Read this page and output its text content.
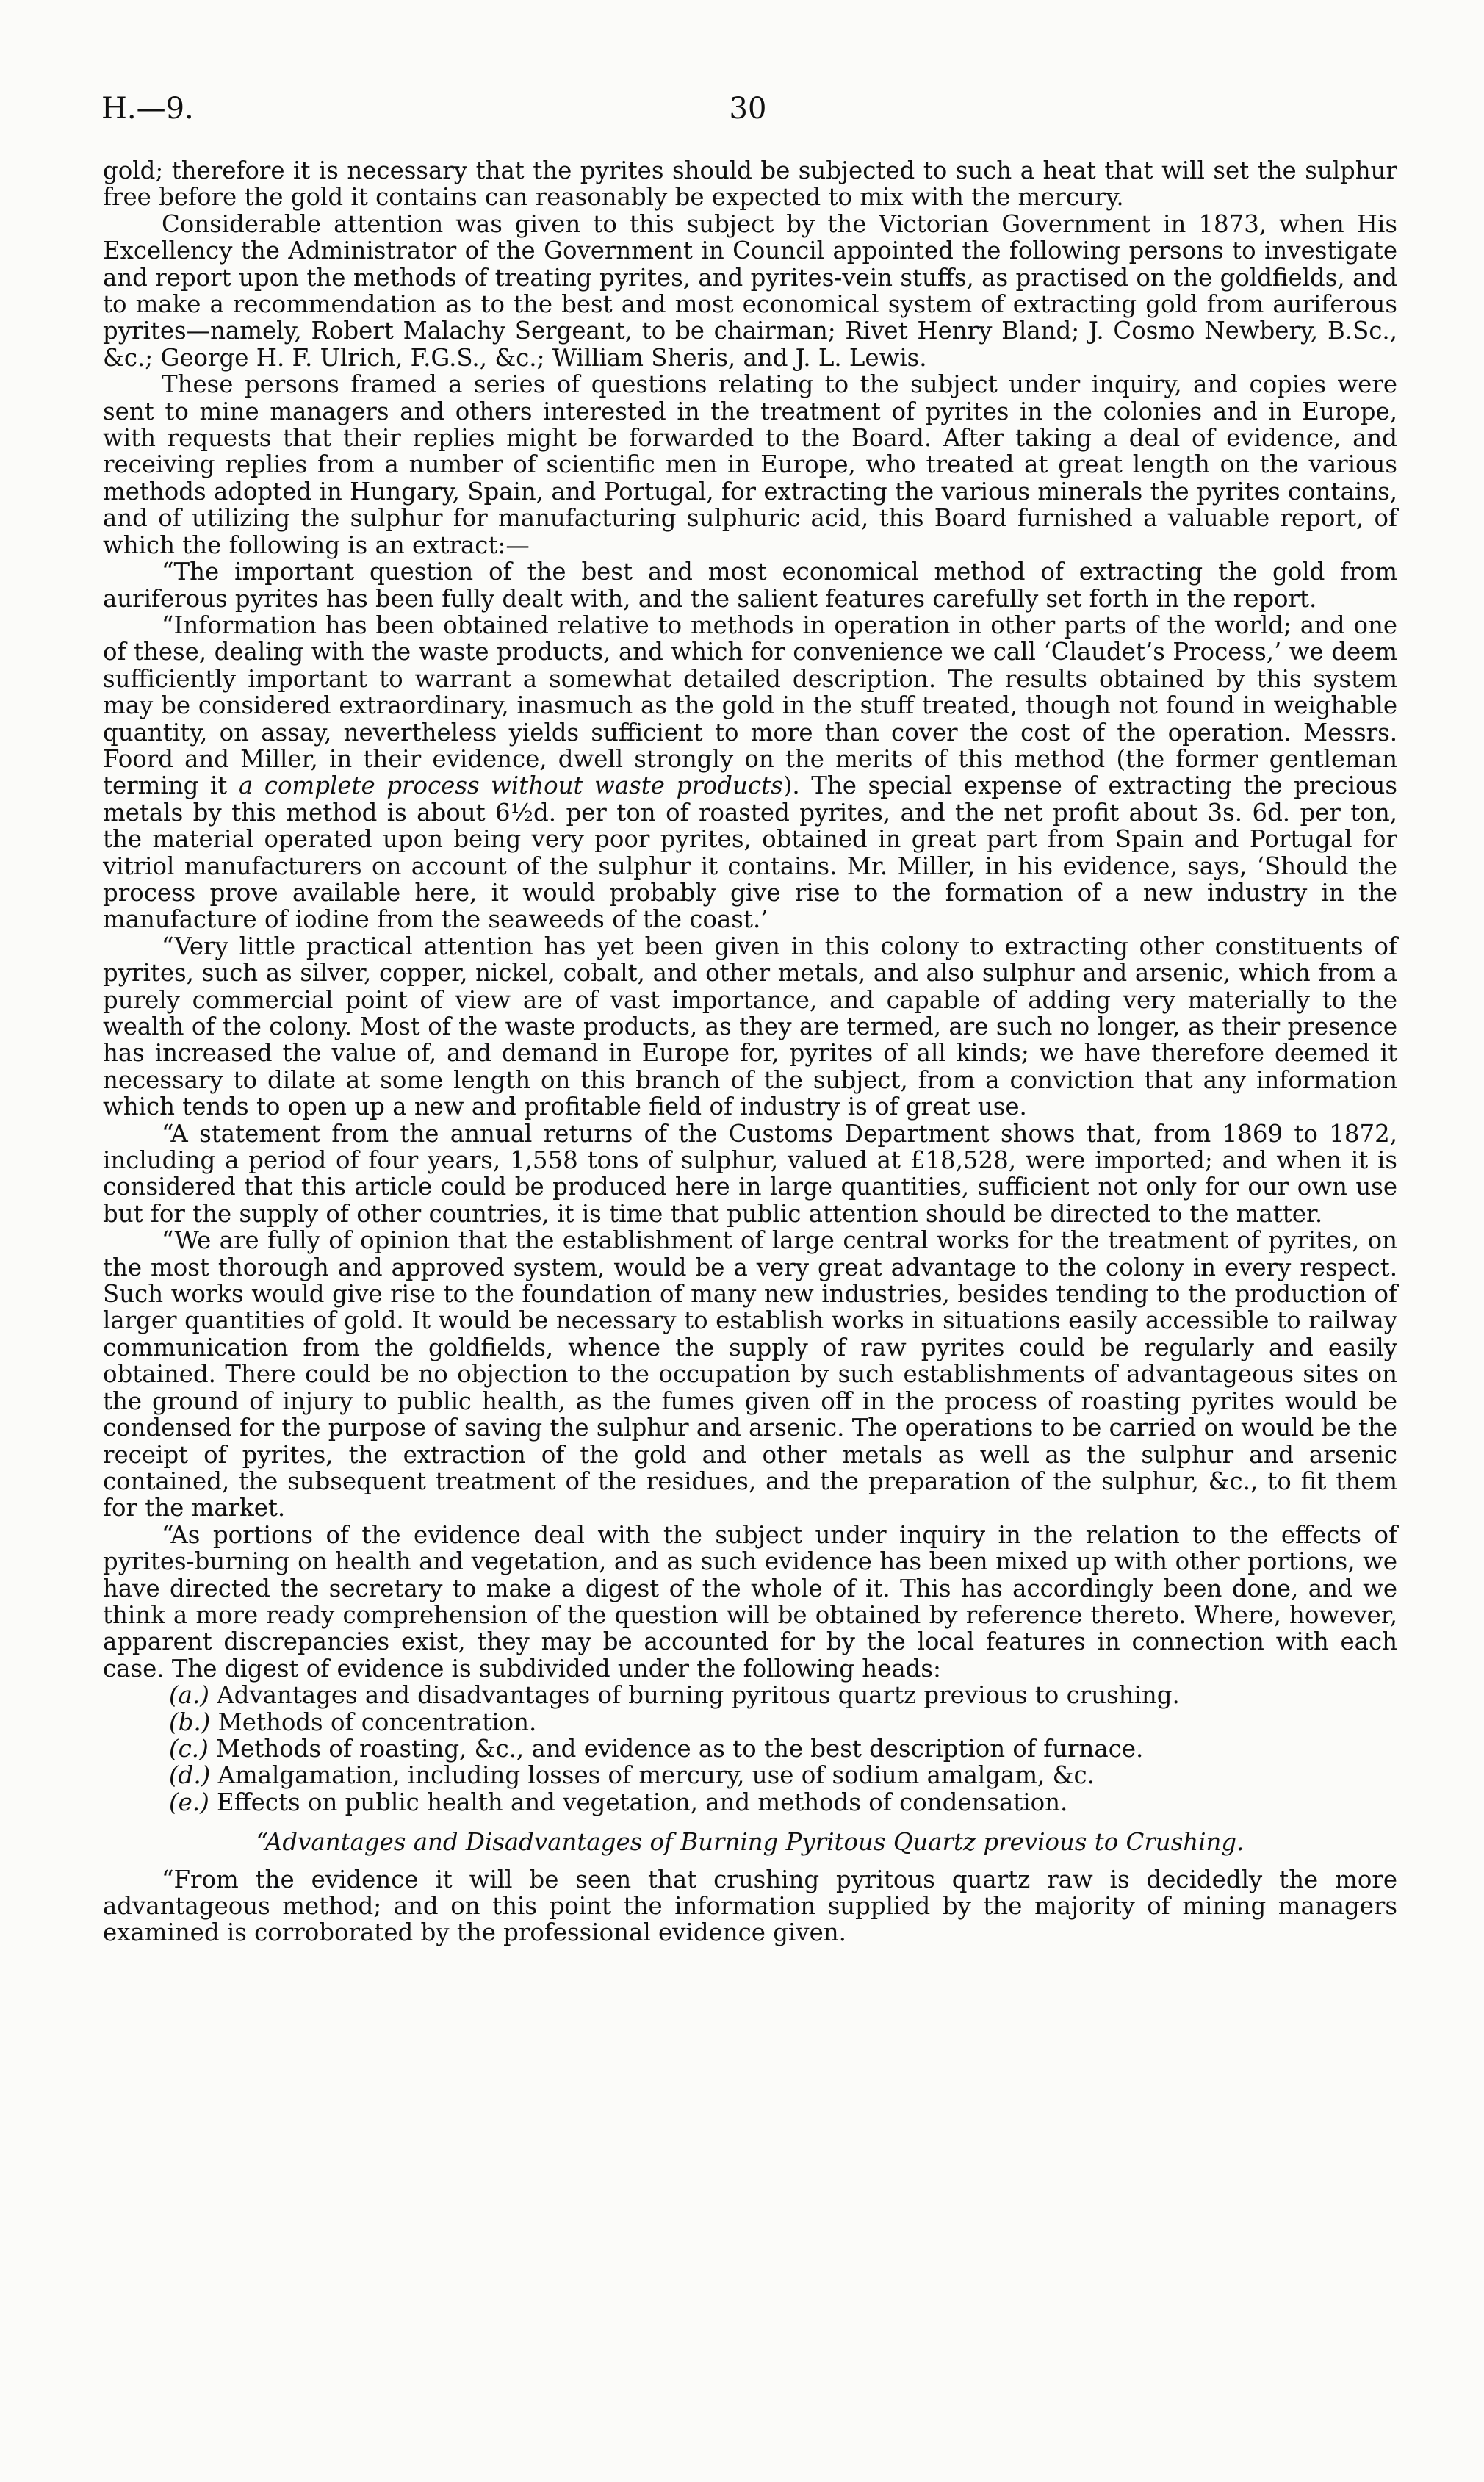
H.—9.	30

gold; therefore it is necessary that the pyrites should be subjected to such a heat that will set the sulphur free before the gold it contains can reasonably be expected to mix with the mercury.

Considerable attention was given to this subject by the Victorian Government in 1873, when His Excellency the Administrator of the Government in Council appointed the following persons to investigate and report upon the methods of treating pyrites, and pyrites-vein stuffs, as practised on the goldfields, and to make a recommendation as to the best and most economical system of extracting gold from auriferous pyrites—namely, Robert Malachy Sergeant, to be chairman; Rivet Henry Bland; J. Cosmo Newbery, B.Sc., &c.; George H. F. Ulrich, F.G.S., &c.; William Sheris, and J. L. Lewis.

These persons framed a series of questions relating to the subject under inquiry, and copies were sent to mine managers and others interested in the treatment of pyrites in the colonies and in Europe, with requests that their replies might be forwarded to the Board. After taking a deal of evidence, and receiving replies from a number of scientific men in Europe, who treated at great length on the various methods adopted in Hungary, Spain, and Portugal, for extracting the various minerals the pyrites contains, and of utilizing the sulphur for manufacturing sulphuric acid, this Board furnished a valuable report, of which the following is an extract:—

“The important question of the best and most economical method of extracting the gold from auriferous pyrites has been fully dealt with, and the salient features carefully set forth in the report.

“Information has been obtained relative to methods in operation in other parts of the world; and one of these, dealing with the waste products, and which for convenience we call ‘Claudet’s Process,’ we deem sufficiently important to warrant a somewhat detailed description. The results obtained by this system may be considered extraordinary, inasmuch as the gold in the stuff treated, though not found in weighable quantity, on assay, nevertheless yields sufficient to more than cover the cost of the operation. Messrs. Foord and Miller, in their evidence, dwell strongly on the merits of this method (the former gentleman terming it a complete process without waste products). The special expense of extracting the precious metals by this method is about 6½d. per ton of roasted pyrites, and the net profit about 3s. 6d. per ton, the material operated upon being very poor pyrites, obtained in great part from Spain and Portugal for vitriol manufacturers on account of the sulphur it contains. Mr. Miller, in his evidence, says, ‘Should the process prove available here, it would probably give rise to the formation of a new industry in the manufacture of iodine from the seaweeds of the coast.’

“Very little practical attention has yet been given in this colony to extracting other constituents of pyrites, such as silver, copper, nickel, cobalt, and other metals, and also sulphur and arsenic, which from a purely commercial point of view are of vast importance, and capable of adding very materially to the wealth of the colony. Most of the waste products, as they are termed, are such no longer, as their presence has increased the value of, and demand in Europe for, pyrites of all kinds; we have therefore deemed it necessary to dilate at some length on this branch of the subject, from a conviction that any information which tends to open up a new and profitable field of industry is of great use.

“A statement from the annual returns of the Customs Department shows that, from 1869 to 1872, including a period of four years, 1,558 tons of sulphur, valued at £18,528, were imported; and when it is considered that this article could be produced here in large quantities, sufficient not only for our own use but for the supply of other countries, it is time that public attention should be directed to the matter.

“We are fully of opinion that the establishment of large central works for the treatment of pyrites, on the most thorough and approved system, would be a very great advantage to the colony in every respect. Such works would give rise to the foundation of many new industries, besides tending to the production of larger quantities of gold. It would be necessary to establish works in situations easily accessible to railway communication from the goldfields, whence the supply of raw pyrites could be regularly and easily obtained. There could be no objection to the occupation by such establishments of advantageous sites on the ground of injury to public health, as the fumes given off in the process of roasting pyrites would be condensed for the purpose of saving the sulphur and arsenic. The operations to be carried on would be the receipt of pyrites, the extraction of the gold and other metals as well as the sulphur and arsenic contained, the subsequent treatment of the residues, and the preparation of the sulphur, &c., to fit them for the market.

“As portions of the evidence deal with the subject under inquiry in the relation to the effects of pyrites-burning on health and vegetation, and as such evidence has been mixed up with other portions, we have directed the secretary to make a digest of the whole of it. This has accordingly been done, and we think a more ready comprehension of the question will be obtained by reference thereto. Where, however, apparent discrepancies exist, they may be accounted for by the local features in connection with each case. The digest of evidence is subdivided under the following heads:

(a.) Advantages and disadvantages of burning pyritous quartz previous to crushing.

(b.) Methods of concentration.

(c.) Methods of roasting, &c., and evidence as to the best description of furnace.

(d.) Amalgamation, including losses of mercury, use of sodium amalgam, &c.

(e.) Effects on public health and vegetation, and methods of condensation.

“Advantages and Disadvantages of Burning Pyritous Quartz previous to Crushing.

“From the evidence it will be seen that crushing pyritous quartz raw is decidedly the more advantageous method; and on this point the information supplied by the majority of mining managers examined is corroborated by the professional evidence given.
